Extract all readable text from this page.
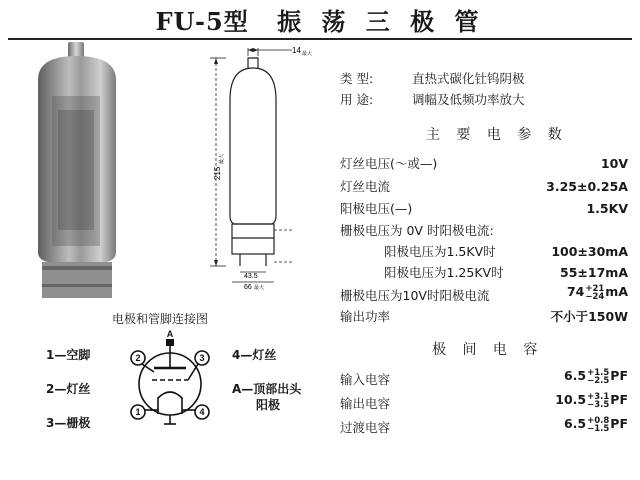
FU-5型 振 荡 三 极 管
14 最大
215
最大
43.5
66 最大
类 型:	直热式碳化钍钨阴极
用 途:	调幅及低频功率放大
主 要 电 参 数
灯丝电压(～或—)	10V
灯丝电流	3.25±0.25A
阳极电压(—)	1.5KV
栅极电压为 0V 时阳极电流:
阳极电压为1.5KV时	100±30mA
阳极电压为1.25KV时	55±17mA
栅极电压为10V时阳极电流	74 +21
−24 mA
输出功率	不小于150W
极 间 电 容
输入电容	6.5 +1.5
−2.5 PF
输出电容	10.5 +3.1
−3.5 PF
过渡电容	6.5 +0.8
−1.5 PF
电极和管脚连接图
1—空脚
2—灯丝
3—栅极
4—灯丝
A—顶部出头
阳极
A
2	3
1	4
